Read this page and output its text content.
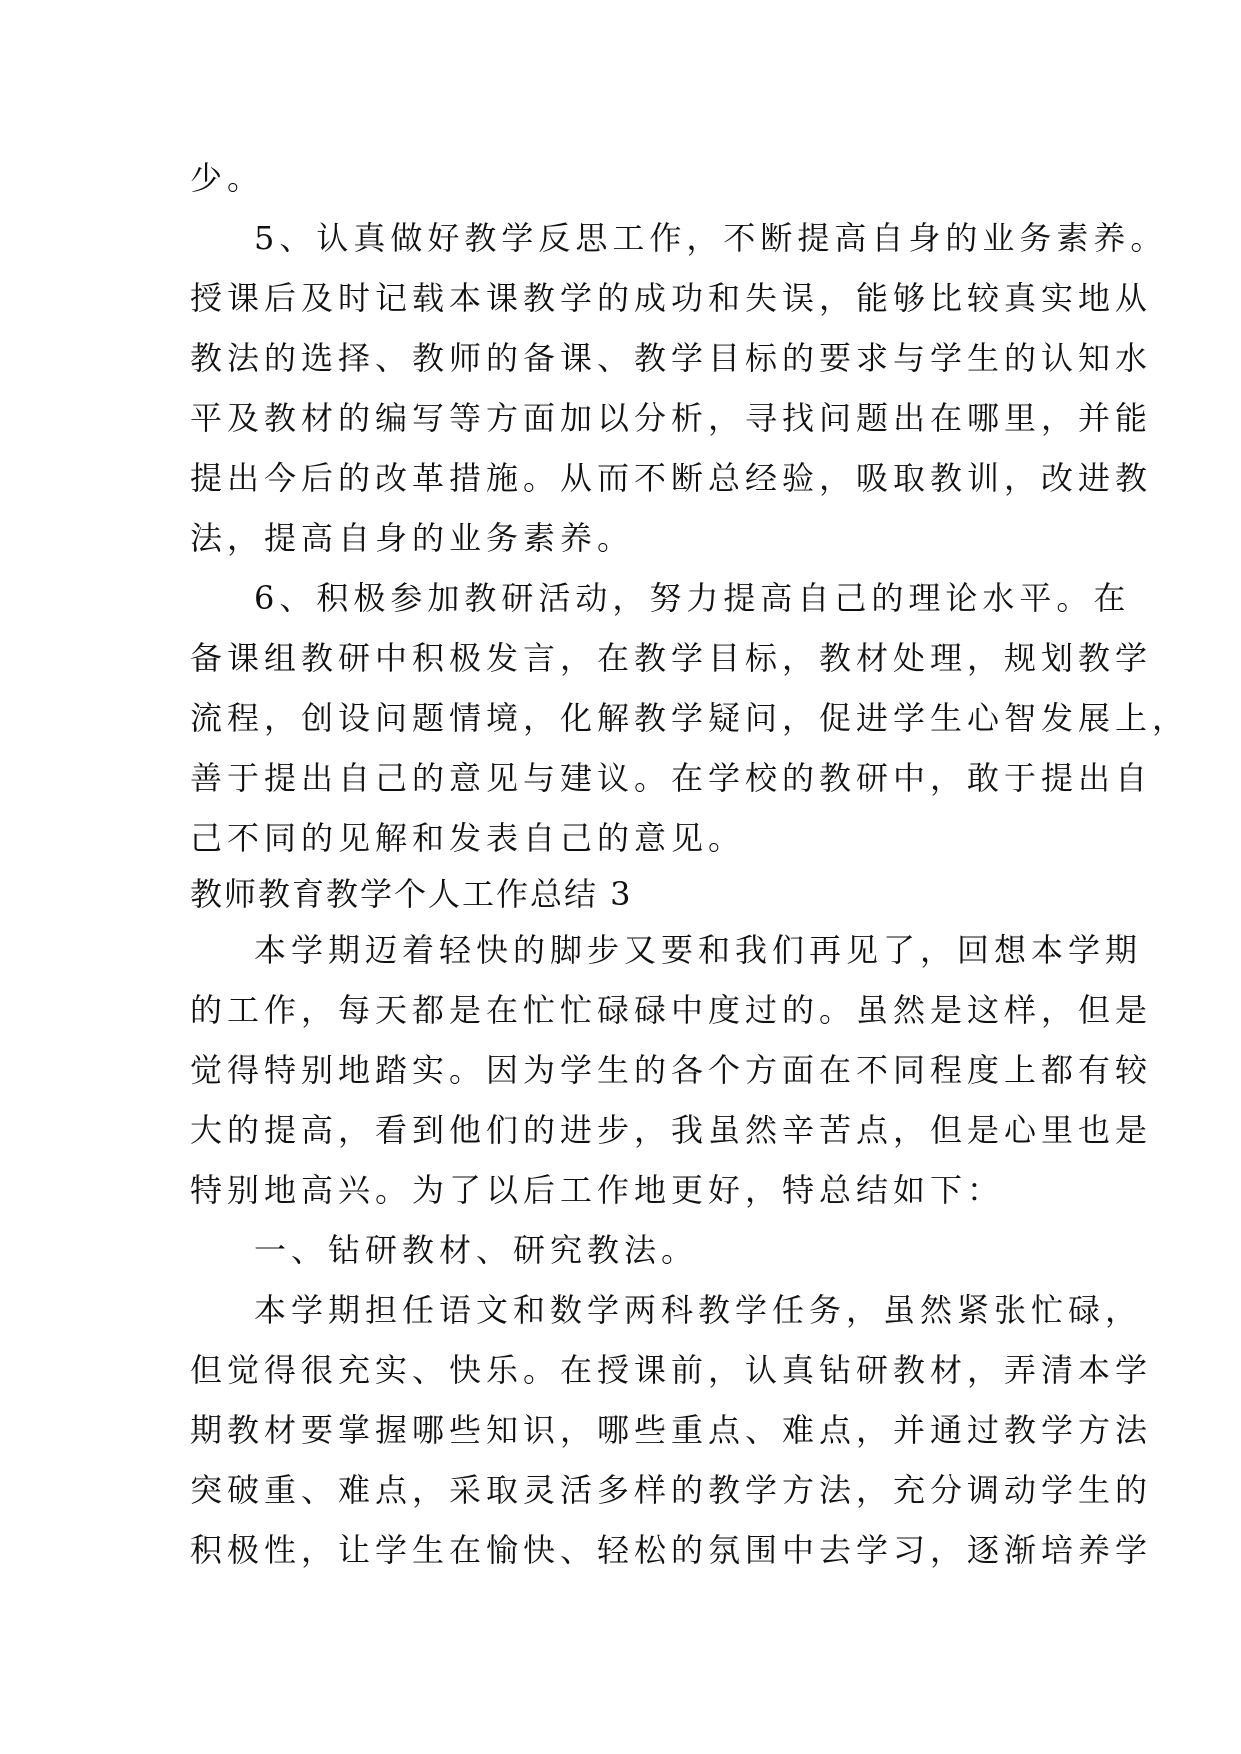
少。
5、认真做好教学反思工作，不断提高自身的业务素养。
授课后及时记载本课教学的成功和失误，能够比较真实地从
教法的选择、教师的备课、教学目标的要求与学生的认知水
平及教材的编写等方面加以分析，寻找问题出在哪里，并能
提出今后的改革措施。从而不断总经验，吸取教训，改进教
法，提高自身的业务素养。
6、积极参加教研活动，努力提高自己的理论水平。在
备课组教研中积极发言，在教学目标，教材处理，规划教学
流程，创设问题情境，化解教学疑问，促进学生心智发展上，
善于提出自己的意见与建议。在学校的教研中，敢于提出自
己不同的见解和发表自己的意见。
教师教育教学个人工作总结 3
本学期迈着轻快的脚步又要和我们再见了，回想本学期
的工作，每天都是在忙忙碌碌中度过的。虽然是这样，但是
觉得特别地踏实。因为学生的各个方面在不同程度上都有较
大的提高，看到他们的进步，我虽然辛苦点，但是心里也是
特别地高兴。为了以后工作地更好，特总结如下：
一、钻研教材、研究教法。
本学期担任语文和数学两科教学任务，虽然紧张忙碌，
但觉得很充实、快乐。在授课前，认真钻研教材，弄清本学
期教材要掌握哪些知识，哪些重点、难点，并通过教学方法
突破重、难点，采取灵活多样的教学方法，充分调动学生的
积极性，让学生在愉快、轻松的氛围中去学习，逐渐培养学
